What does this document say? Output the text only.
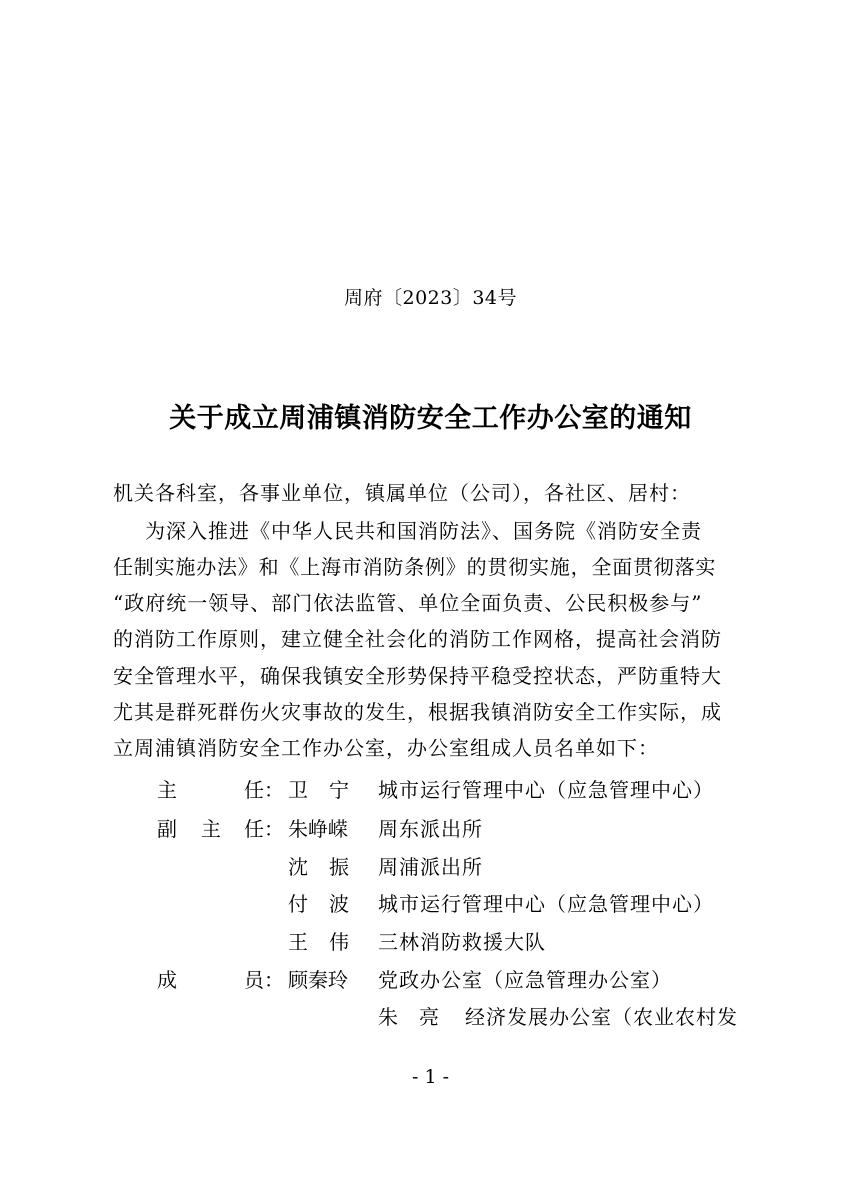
周府〔2023〕34号
关于成立周浦镇消防安全工作办公室的通知
机关各科室，各事业单位，镇属单位（公司），各社区、居村：
为深入推进《中华人民共和国消防法》、国务院《消防安全责
任制实施办法》和《上海市消防条例》的贯彻实施，全面贯彻落实
“政府统一领导、部门依法监管、单位全面负责、公民积极参与”
的消防工作原则，建立健全社会化的消防工作网格，提高社会消防
安全管理水平，确保我镇安全形势保持平稳受控状态，严防重特大
尤其是群死群伤火灾事故的发生，根据我镇消防安全工作实际，成
立周浦镇消防安全工作办公室，办公室组成人员名单如下：
主	任： 卫 宁 城市运行管理中心（应急管理中心）
副 主 任： 朱峥嵘 周东派出所
沈 振 周浦派出所
付 波 城市运行管理中心（应急管理中心）
王 伟 三林消防救援大队
成	员： 顾秦玲 党政办公室（应急管理办公室）
朱 亮 经济发展办公室（农业农村发
- 1 -
